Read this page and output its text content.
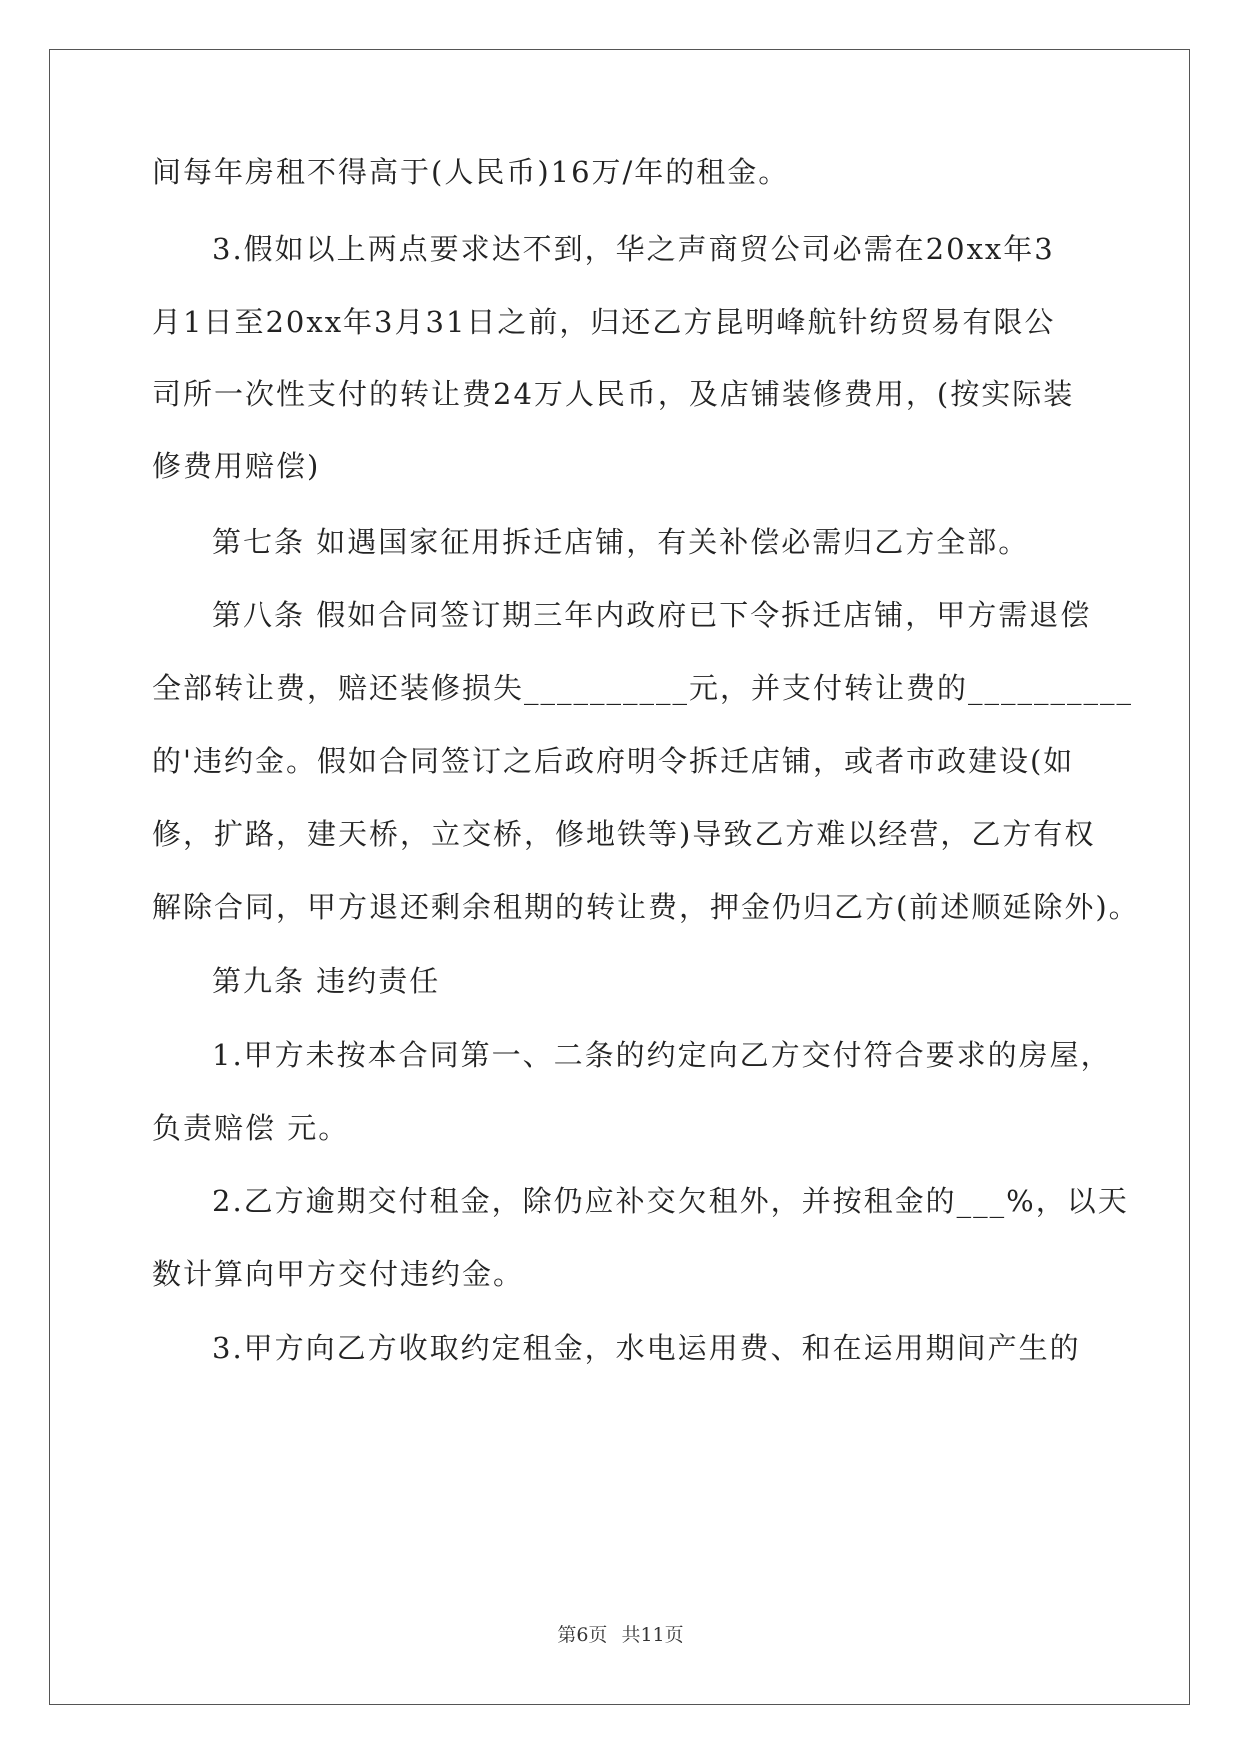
间每年房租不得高于(人民币)16万/年的租金。
3.假如以上两点要求达不到，华之声商贸公司必需在20xx年3
月1日至20xx年3月31日之前，归还乙方昆明峰航针纺贸易有限公
司所一次性支付的转让费24万人民币，及店铺装修费用，(按实际装
修费用赔偿)
第七条 如遇国家征用拆迁店铺，有关补偿必需归乙方全部。
第八条 假如合同签订期三年内政府已下令拆迁店铺，甲方需退偿
全部转让费，赔还装修损失__________元，并支付转让费的__________
的'违约金。假如合同签订之后政府明令拆迁店铺，或者市政建设(如
修，扩路，建天桥，立交桥，修地铁等)导致乙方难以经营，乙方有权
解除合同，甲方退还剩余租期的转让费，押金仍归乙方(前述顺延除外)。
第九条 违约责任
1.甲方未按本合同第一、二条的约定向乙方交付符合要求的房屋，
负责赔偿 元。
2.乙方逾期交付租金，除仍应补交欠租外，并按租金的___%，以天
数计算向甲方交付违约金。
3.甲方向乙方收取约定租金，水电运用费、和在运用期间产生的
第6页 共11页
